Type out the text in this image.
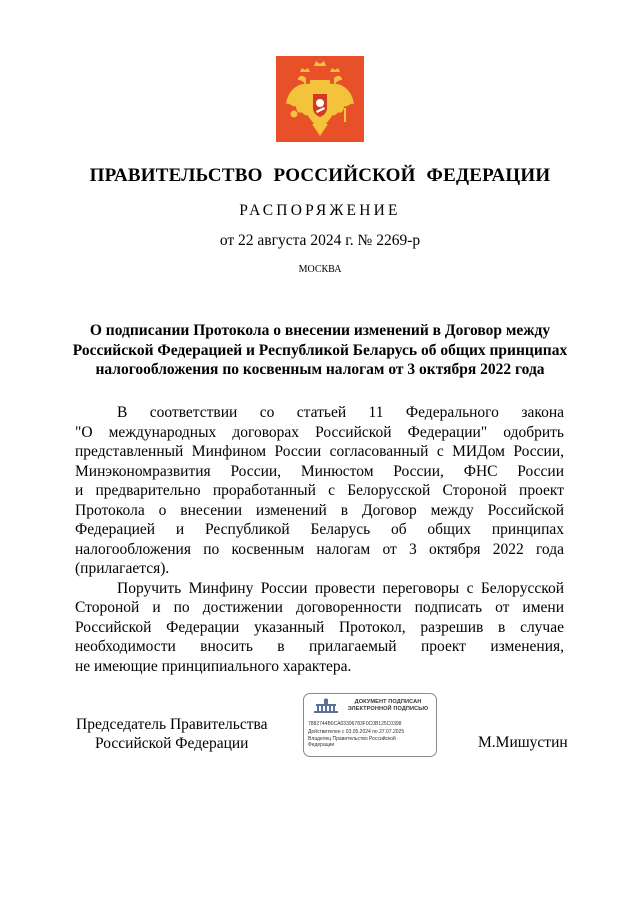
ПРАВИТЕЛЬСТВО РОССИЙСКОЙ ФЕДЕРАЦИИ
РАСПОРЯЖЕНИЕ
от 22 августа 2024 г. № 2269-р
МОСКВА
О подписании Протокола о внесении изменений в Договор между
Российской Федерацией и Республикой Беларусь об общих принципах
налогообложения по косвенным налогам от 3 октября 2022 года
В соответствии со статьей 11 Федерального закона
"О международных договорах Российской Федерации" одобрить
представленный Минфином России согласованный с МИДом России,
Минэкономразвития России, Минюстом России, ФНС России
и предварительно проработанный с Белорусской Стороной проект
Протокола о внесении изменений в Договор между Российской
Федерацией и Республикой Беларусь об общих принципах
налогообложения по косвенным налогам от 3 октября 2022 года
(прилагается).
Поручить Минфину России провести переговоры с Белорусской
Стороной и по достижении договоренности подписать от имени
Российской Федерации указанный Протокол, разрешив в случае
необходимости вносить в прилагаемый проект изменения,
не имеющие принципиального характера.
Председатель Правительства
Российской Федерации	М.Мишустин
ДОКУМЕНТ ПОДПИСАН
ЭЛЕКТРОННОЙ ПОДПИСЬЮ
7882744B0CA03396783F0C0B125C0398
Действителен с 03.05.2024 по 27.07.2025
Владелец Правительство Российской
Федерации
